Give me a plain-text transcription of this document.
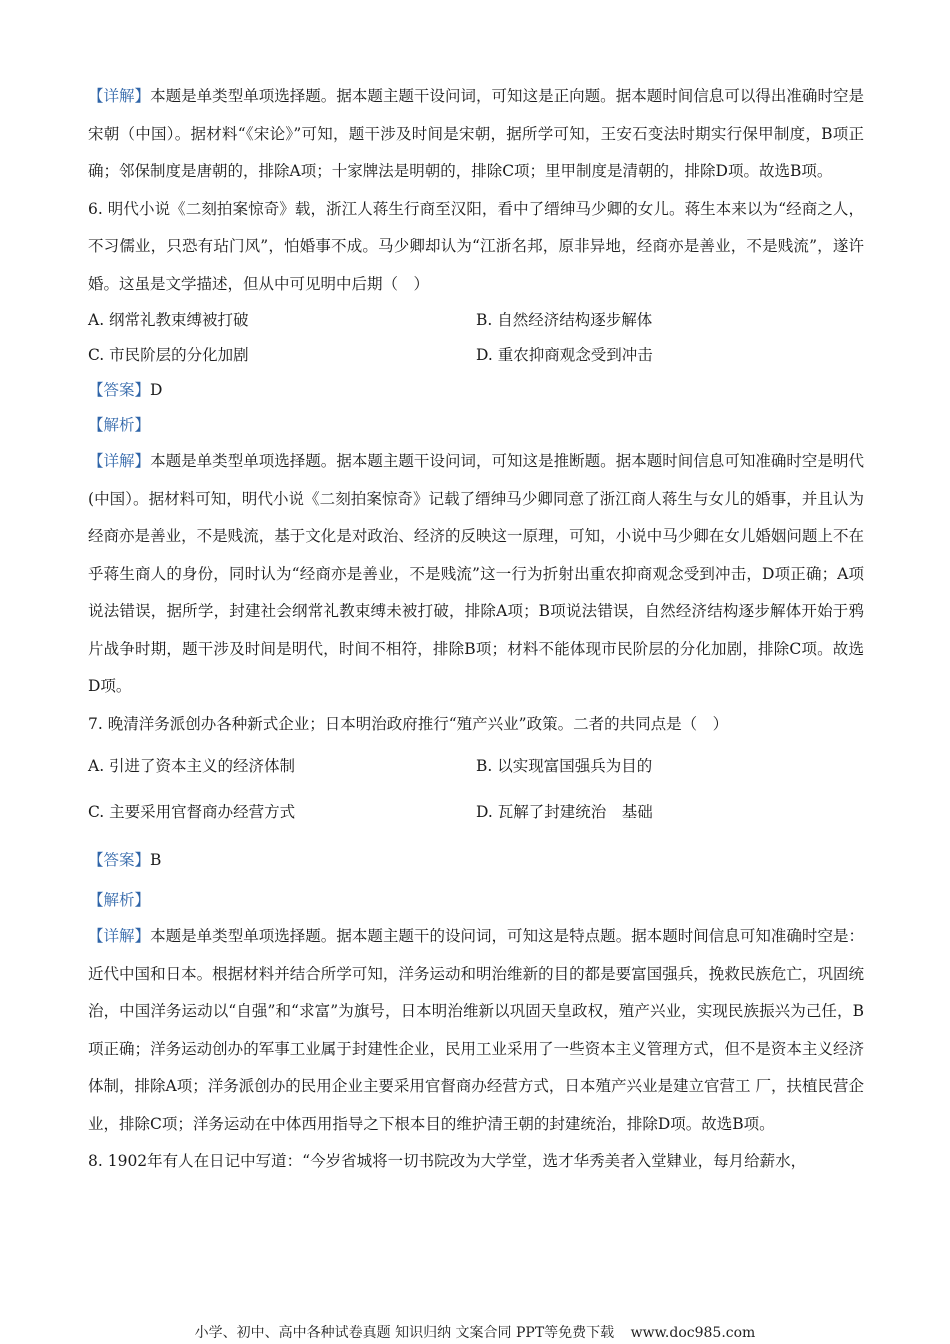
【详解】本题是单类型单项选择题。据本题主题干设问词，可知这是正向题。据本题时间信息可以得出准确时空是宋朝（中国）。据材料“《宋论》”可知，题干涉及时间是宋朝，据所学可知，王安石变法时期实行保甲制度，B项正确；邻保制度是唐朝的，排除A项；十家牌法是明朝的，排除C项；里甲制度是清朝的，排除D项。故选B项。

6. 明代小说《二刻拍案惊奇》载，浙江人蒋生行商至汉阳，看中了缙绅马少卿的女儿。蒋生本来以为“经商之人，不习儒业，只恐有玷门风”，怕婚事不成。马少卿却认为“江浙名邦，原非异地，经商亦是善业，不是贱流”，遂许婚。这虽是文学描述，但从中可见明中后期（　）

A. 纲常礼教束缚被打破	B. 自然经济结构逐步解体
C. 市民阶层的分化加剧	D. 重农抑商观念受到冲击
【答案】D
【解析】

【详解】本题是单类型单项选择题。据本题主题干设问词，可知这是推断题。据本题时间信息可知准确时空是明代(中国）。据材料可知，明代小说《二刻拍案惊奇》记载了缙绅马少卿同意了浙江商人蒋生与女儿的婚事，并且认为经商亦是善业，不是贱流，基于文化是对政治、经济的反映这一原理，可知，小说中马少卿在女儿婚姻问题上不在乎蒋生商人的身份，同时认为“经商亦是善业，不是贱流”这一行为折射出重农抑商观念受到冲击，D项正确；A项说法错误，据所学，封建社会纲常礼教束缚未被打破，排除A项；B项说法错误，自然经济结构逐步解体开始于鸦片战争时期，题干涉及时间是明代，时间不相符，排除B项；材料不能体现市民阶层的分化加剧，排除C项。故选D项。

7. 晚清洋务派创办各种新式企业；日本明治政府推行“殖产兴业”政策。二者的共同点是（　）

A. 引进了资本主义的经济体制	B. 以实现富国强兵为目的
C. 主要采用官督商办经营方式	D. 瓦解了封建统治　基础
【答案】B
【解析】

【详解】本题是单类型单项选择题。据本题主题干的设问词，可知这是特点题。据本题时间信息可知准确时空是：近代中国和日本。根据材料并结合所学可知，洋务运动和明治维新的目的都是要富国强兵，挽救民族危亡，巩固统治，中国洋务运动以“自强”和“求富”为旗号，日本明治维新以巩固天皇政权，殖产兴业，实现民族振兴为己任，B项正确；洋务运动创办的军事工业属于封建性企业，民用工业采用了一些资本主义管理方式，但不是资本主义经济体制，排除A项；洋务派创办的民用企业主要采用官督商办经营方式，日本殖产兴业是建立官营工 厂，扶植民营企业，排除C项；洋务运动在中体西用指导之下根本目的维护清王朝的封建统治，排除D项。故选B项。

8. 1902年有人在日记中写道：“今岁省城将一切书院改为大学堂，选才华秀美者入堂肄业，每月给薪水，

小学、初中、高中各种试卷真题 知识归纳 文案合同 PPT等免费下载 www.doc985.com
